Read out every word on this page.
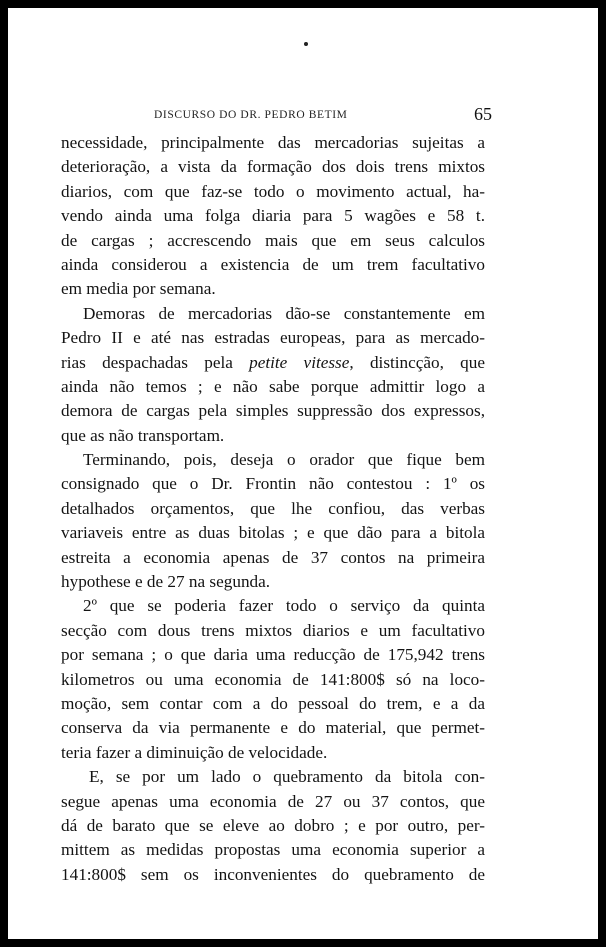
DISCURSO DO DR. PEDRO BETIM	65
necessidade, principalmente das mercadorias sujeitas a
deterioração, a vista da formação dos dois trens mixtos
diarios, com que faz-se todo o movimento actual, ha-
vendo ainda uma folga diaria para 5 wagões e 58 t.
de cargas ; accrescendo mais que em seus calculos
ainda considerou a existencia de um trem facultativo
em media por semana.
Demoras de mercadorias dão-se constantemente em
Pedro II e até nas estradas europeas, para as mercado-
rias despachadas pela petite vitesse, distincção, que
ainda não temos ; e não sabe porque admittir logo a
demora de cargas pela simples suppressão dos expressos,
que as não transportam.
Terminando, pois, deseja o orador que fique bem
consignado que o Dr. Frontin não contestou : 1º os
detalhados orçamentos, que lhe confiou, das verbas
variaveis entre as duas bitolas ; e que dão para a bitola
estreita a economia apenas de 37 contos na primeira
hypothese e de 27 na segunda.
2º que se poderia fazer todo o serviço da quinta
secção com dous trens mixtos diarios e um facultativo
por semana ; o que daria uma reducção de 175,942 trens
kilometros ou uma economia de 141:800$ só na loco-
moção, sem contar com a do pessoal do trem, e a da
conserva da via permanente e do material, que permet-
teria fazer a diminuição de velocidade.
E, se por um lado o quebramento da bitola con-
segue apenas uma economia de 27 ou 37 contos, que
dá de barato que se eleve ao dobro ; e por outro, per-
mittem as medidas propostas uma economia superior a
141:800$ sem os inconvenientes do quebramento de
